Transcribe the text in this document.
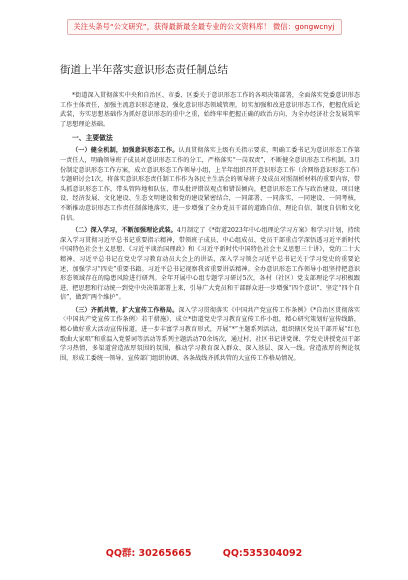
关注头条号“公文研究”，获得最新最全最专业的公文资料库！ 微信：gongwcnyj
街道上半年落实意识形态责任制总结

*街道深入贯彻落实中央和自治区、市委、区委关于意识形态工作的各项决策部署，全面落实党委意识形态工作主体责任，加强主流意识形态建设，强化意识形态领域管理，切实加强和改进意识形态工作，把握优质论武装，夯实思想基础作为抓好意识形态的重中之重，始终牢牢把握正确的政治方向，为全办经济社会发展筑牢了思想理论基础。

一、主要做法

（一）健全机制，加强意识形态工作。认真贯彻落实上级有关指示要求，明确工委书记为意识形态工作第一责任人，明确领导班子成员对意识形态工作的分工，严格落实“一岗双责”，不断健全意识形态工作机制。3月份制定意识形态工作方案，成立意识形态工作领导小组，上半年组织召开意识形态工作（含网络意识形态工作）专题研讨会1次，将落实意识形态责任制工作作为各民主生活会的领导班子及成员对照剖析材料的重要内容，带头抓意识形态工作，带头管阵地和队伍，带头批评错误观点和错误倾向，把意识形态工作与政治建设、项目建设、经济发展、文化建设、生态文明建设和党的建设紧密结合，一同部署、一同落实、一同建设、一同考核，不断推动意识形态工作责任制落地落实，进一步增强了全办党员干部的道路自信、理论自信、制度自信和文化自信。

（二）深入学习，不断加强理论武装。4月制定了《*街道2023年中心组理论学习方案》和学习计划，持续深入学习贯彻习近平总书记重要指示精神，带领班子成员、中心组成员、党员干部重点学深悟透习近平新时代中国特色社会主义思想、《习近平谈治国理政》和《习近平新时代中国特色社会主义思想三十讲》，党的二十大精神、习近平总书记在党史学习教育动员大会上的讲话，深入学习领会习近平总书记关于学习党史的重要论述，加强学习“四史”重要书籍。习近平总书记视察我省重要讲话精神。全办意识形态工作领导小组坚持把意识形态领域存在的隐患风险进行研判。全年开展中心组专题学习研讨5次，各村（社区）党支部理论学习积极跟进，把思想和行动统一到党中央决策部署上来，引导广大党员和干部群众进一步增强“四个意识”、坚定“四个自信”，做到“两个维护”。

（三）齐抓共管，扩大宣传工作格局。深入学习贯彻落实《中国共产党宣传工作条例》《*自治区贯彻落实〈中国共产党宣传工作条例〉若干措施》，成立*街道党史学习教育宣传工作小组，精心研究策划好宣传线路，精心做好重大活动宣传报道，进一步丰富学习教育形式，开展“*”主题系列活动，组织辖区党员干部开展“红色歌曲大家唱”和重温入党誓词等活动等系列主题活动70余场次，通过村、社区书记讲党课、学党史讲授党员干部学习热情，多渠道营造浓厚氛围的氛围，推动学习教育深入群众、深入基层、深入一线。营造浓厚的舆论氛围，形成工委统一领导、宣传部门组织协调、各条战线齐抓共管的大宣传工作格局情况。

QQ群: 30265665	QQ:535304092
